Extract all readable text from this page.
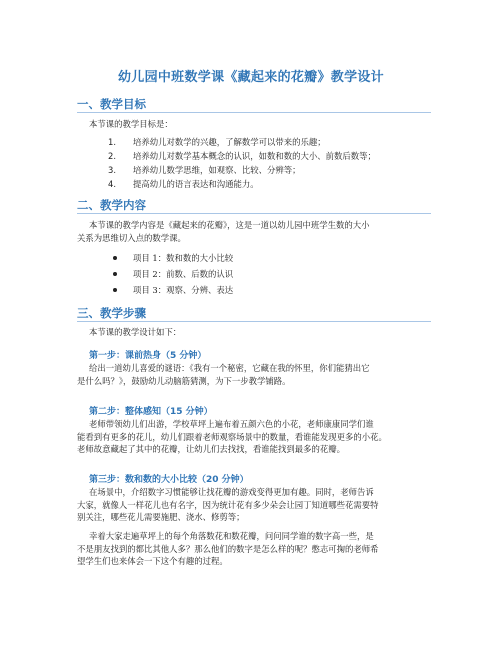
幼儿园中班数学课《藏起来的花瓣》教学设计
一、教学目标

本节课的教学目标是：

1. 培养幼儿对数学的兴趣，了解数学可以带来的乐趣；
2. 培养幼儿对数学基本概念的认识，如数和数的大小、前数后数等；
3. 培养幼儿数学思维，如观察、比较、分辨等；
4. 提高幼儿的语言表达和沟通能力。
二、教学内容

本节课的教学内容是《藏起来的花瓣》，这是一道以幼儿园中班学生数的大小
关系为思维切入点的数学课。

项目 1：数和数的大小比较
项目 2：前数、后数的认识
项目 3：观察、分辨、表达
三、教学步骤

本节课的教学设计如下：

第一步：课前热身（5 分钟）

给出一道幼儿喜爱的谜语：《我有一个秘密，它藏在我的怀里，你们能猜出它
是什么吗？》，鼓励幼儿动脑筋猜测，为下一步教学铺路。

第二步：整体感知（15 分钟）

老师带领幼儿们出游，学校草坪上遍布着五颜六色的小花，老师康康同学们谁
能看到有更多的花儿，幼儿们跟着老师观察场景中的数量，看谁能发现更多的小花。
老师故意藏起了其中的花瓣，让幼儿们去找找，看谁能找到最多的花瓣。

第三步：数和数的大小比较（20 分钟）

在场景中，介绍数字习惯能够让找花瓣的游戏变得更加有趣。同时，老师告诉
大家，就像人一样花儿也有名字，因为统计花有多少朵会让园丁知道哪些花需要特
别关注，哪些花儿需要施肥、浇水、修剪等；

幸着大家走遍草坪上的每个角落数花和数花瓣，问问同学谁的数字高一些，是
不是朋友找到的都比其他人多？那么他们的数字是怎么样的呢？憋志可掬的老师希
望学生们也来体会一下这个有趣的过程。
